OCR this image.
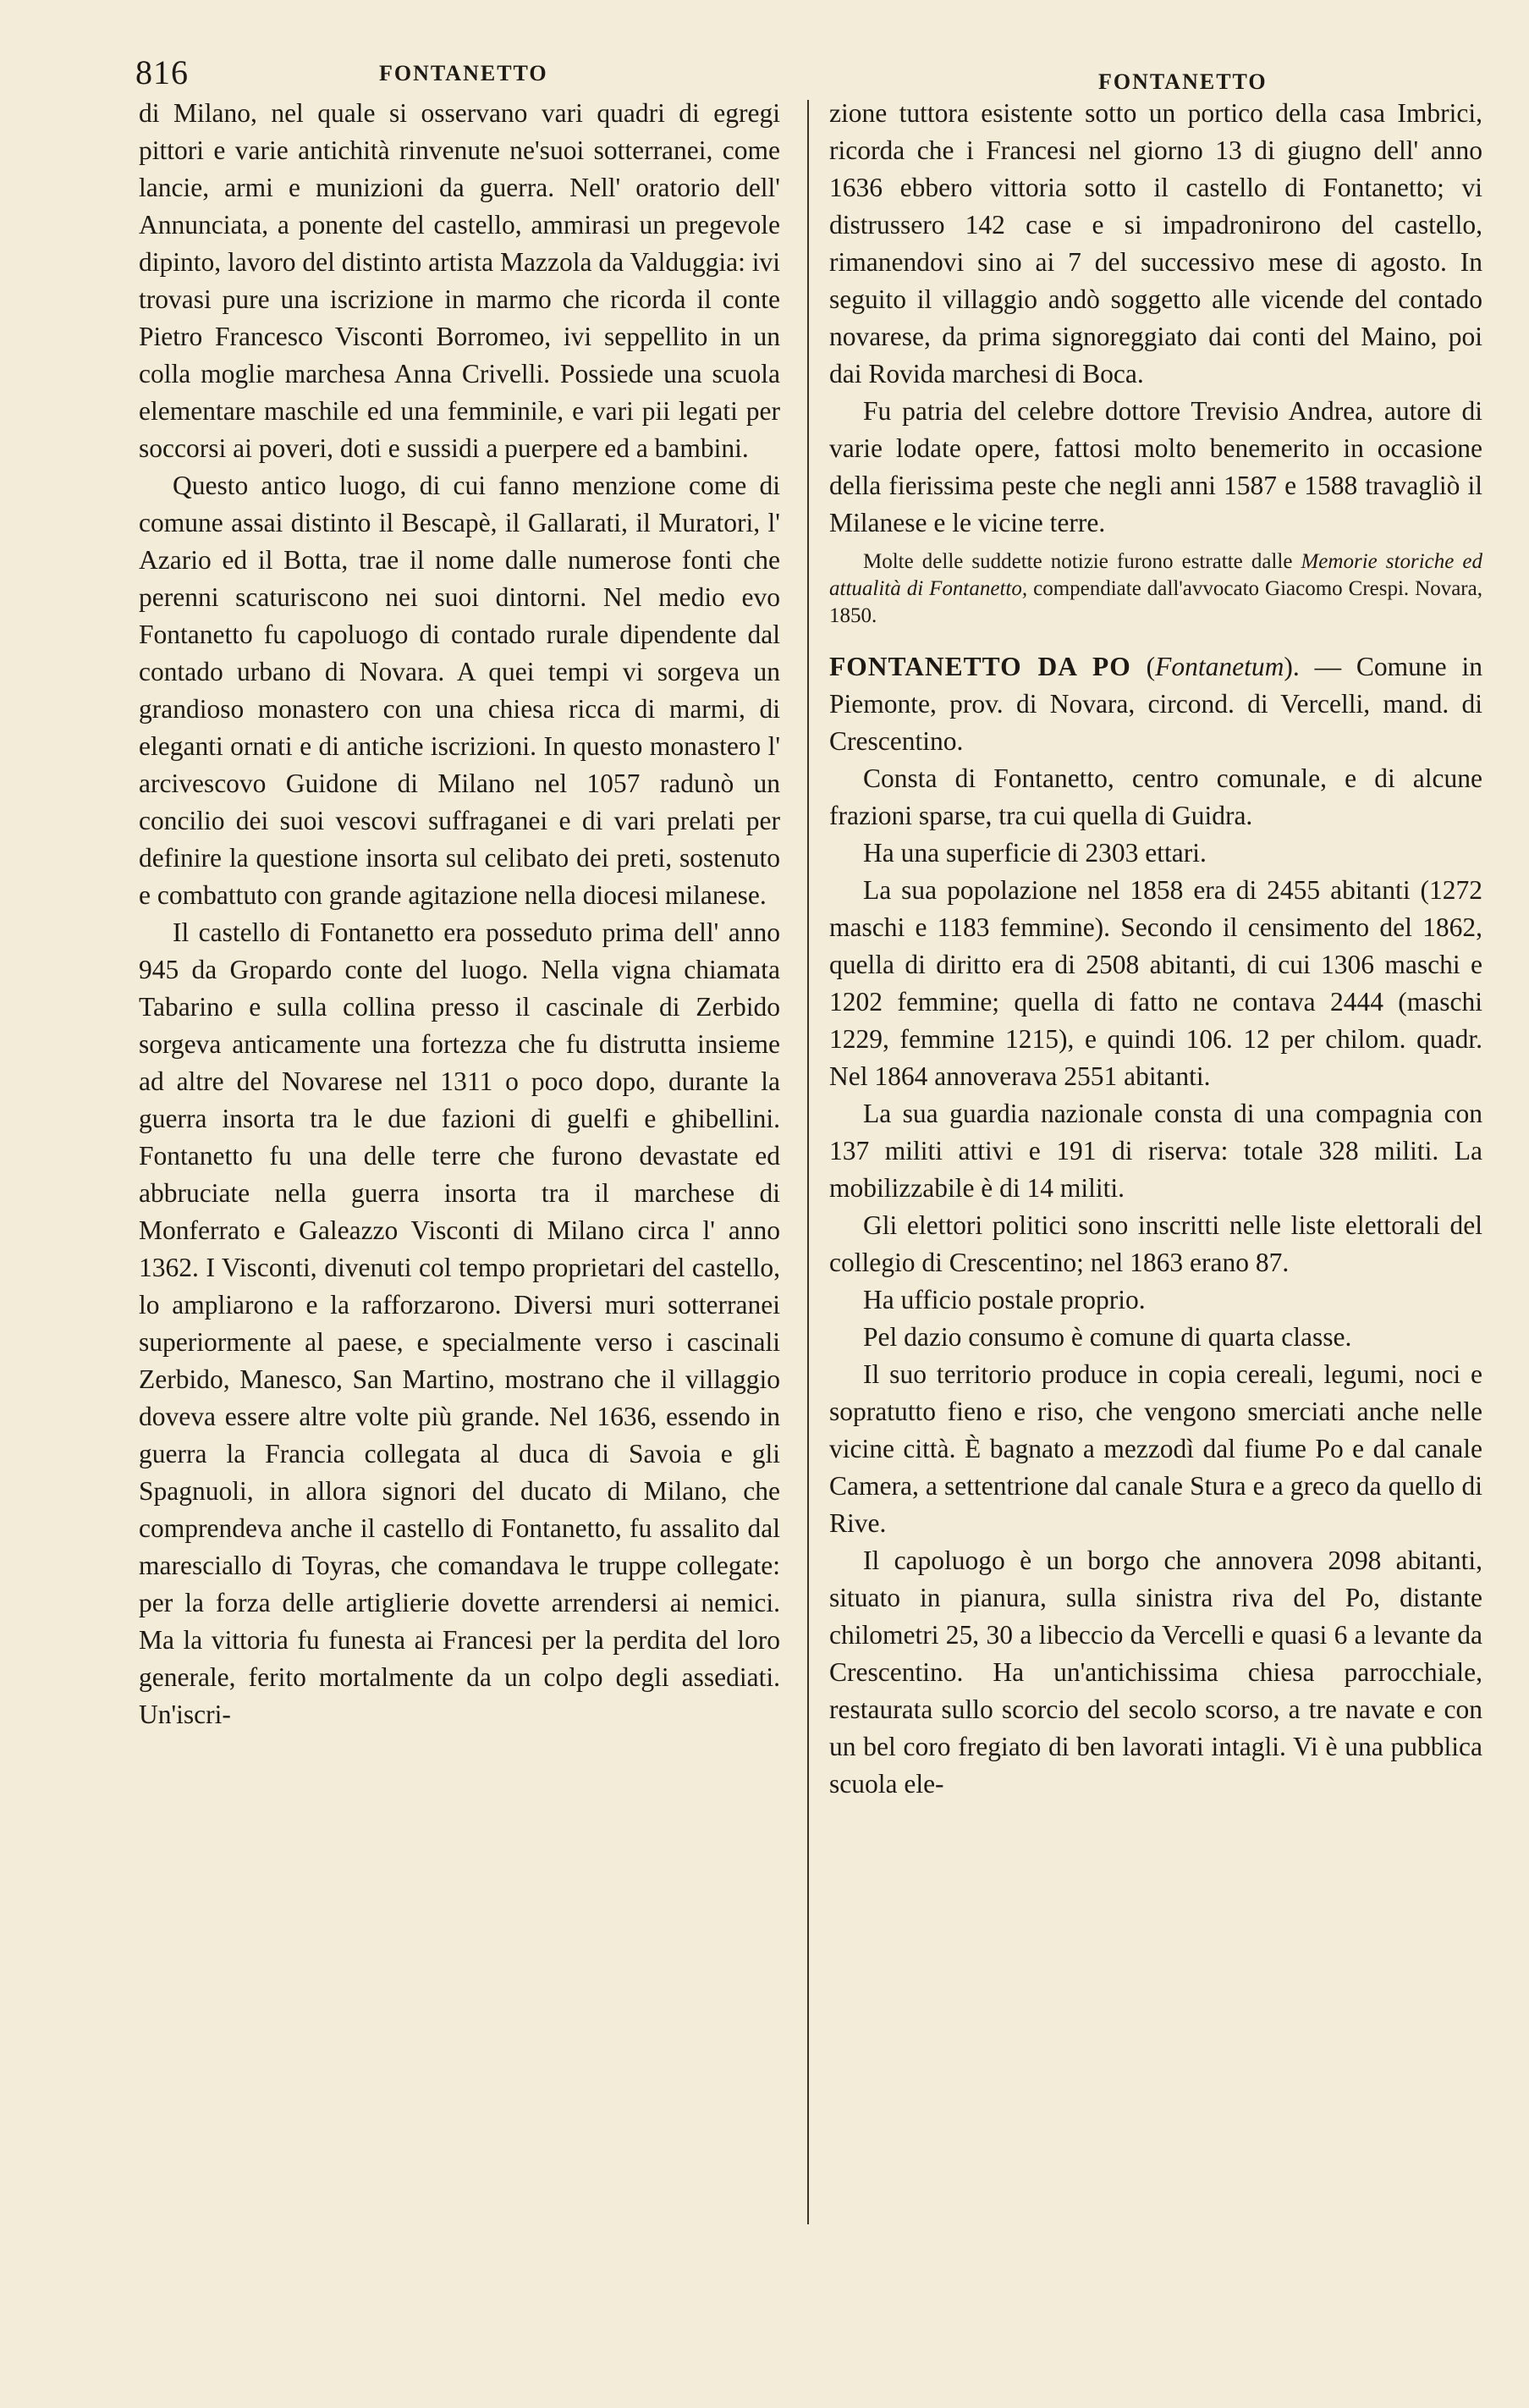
816	FONTANETTO	FONTANETTO

di Milano, nel quale si osservano vari quadri di egregi pittori e varie antichità rinvenute ne'suoi sotterranei, come lancie, armi e munizioni da guerra. Nell' oratorio dell' Annunciata, a ponente del castello, ammirasi un pregevole dipinto, lavoro del distinto artista Mazzola da Valduggia: ivi trovasi pure una iscrizione in marmo che ricorda il conte Pietro Francesco Visconti Borromeo, ivi seppellito in un colla moglie marchesa Anna Crivelli. Possiede una scuola elementare maschile ed una femminile, e vari pii legati per soccorsi ai poveri, doti e sussidi a puerpere ed a bambini.

Questo antico luogo, di cui fanno menzione come di comune assai distinto il Bescapè, il Gallarati, il Muratori, l' Azario ed il Botta, trae il nome dalle numerose fonti che perenni scaturiscono nei suoi dintorni. Nel medio evo Fontanetto fu capoluogo di contado rurale dipendente dal contado urbano di Novara. A quei tempi vi sorgeva un grandioso monastero con una chiesa ricca di marmi, di eleganti ornati e di antiche iscrizioni. In questo monastero l' arcivescovo Guidone di Milano nel 1057 radunò un concilio dei suoi vescovi suffraganei e di vari prelati per definire la questione insorta sul celibato dei preti, sostenuto e combattuto con grande agitazione nella diocesi milanese.

Il castello di Fontanetto era posseduto prima dell' anno 945 da Gropardo conte del luogo. Nella vigna chiamata Tabarino e sulla collina presso il cascinale di Zerbido sorgeva anticamente una fortezza che fu distrutta insieme ad altre del Novarese nel 1311 o poco dopo, durante la guerra insorta tra le due fazioni di guelfi e ghibellini. Fontanetto fu una delle terre che furono devastate ed abbruciate nella guerra insorta tra il marchese di Monferrato e Galeazzo Visconti di Milano circa l' anno 1362. I Visconti, divenuti col tempo proprietari del castello, lo ampliarono e la rafforzarono. Diversi muri sotterranei superiormente al paese, e specialmente verso i cascinali Zerbido, Manesco, San Martino, mostrano che il villaggio doveva essere altre volte più grande. Nel 1636, essendo in guerra la Francia collegata al duca di Savoia e gli Spagnuoli, in allora signori del ducato di Milano, che comprendeva anche il castello di Fontanetto, fu assalito dal maresciallo di Toyras, che comandava le truppe collegate: per la forza delle artiglierie dovette arrendersi ai nemici. Ma la vittoria fu funesta ai Francesi per la perdita del loro generale, ferito mortalmente da un colpo degli assediati. Un'iscri-

zione tuttora esistente sotto un portico della casa Imbrici, ricorda che i Francesi nel giorno 13 di giugno dell' anno 1636 ebbero vittoria sotto il castello di Fontanetto; vi distrussero 142 case e si impadronirono del castello, rimanendovi sino ai 7 del successivo mese di agosto. In seguito il villaggio andò soggetto alle vicende del contado novarese, da prima signoreggiato dai conti del Maino, poi dai Rovida marchesi di Boca.

Fu patria del celebre dottore Trevisio Andrea, autore di varie lodate opere, fattosi molto benemerito in occasione della fierissima peste che negli anni 1587 e 1588 travagliò il Milanese e le vicine terre.

Molte delle suddette notizie furono estratte dalle Memorie storiche ed attualità di Fontanetto, compendiate dall'avvocato Giacomo Crespi. Novara, 1850.

FONTANETTO DA PO (Fontanetum). — Comune in Piemonte, prov. di Novara, circond. di Vercelli, mand. di Crescentino.

Consta di Fontanetto, centro comunale, e di alcune frazioni sparse, tra cui quella di Guidra.

Ha una superficie di 2303 ettari.

La sua popolazione nel 1858 era di 2455 abitanti (1272 maschi e 1183 femmine). Secondo il censimento del 1862, quella di diritto era di 2508 abitanti, di cui 1306 maschi e 1202 femmine; quella di fatto ne contava 2444 (maschi 1229, femmine 1215), e quindi 106. 12 per chilom. quadr. Nel 1864 annoverava 2551 abitanti.

La sua guardia nazionale consta di una compagnia con 137 militi attivi e 191 di riserva: totale 328 militi. La mobilizzabile è di 14 militi.

Gli elettori politici sono inscritti nelle liste elettorali del collegio di Crescentino; nel 1863 erano 87.

Ha ufficio postale proprio.

Pel dazio consumo è comune di quarta classe.

Il suo territorio produce in copia cereali, legumi, noci e sopratutto fieno e riso, che vengono smerciati anche nelle vicine città. È bagnato a mezzodì dal fiume Po e dal canale Camera, a settentrione dal canale Stura e a greco da quello di Rive.

Il capoluogo è un borgo che annovera 2098 abitanti, situato in pianura, sulla sinistra riva del Po, distante chilometri 25, 30 a libeccio da Vercelli e quasi 6 a levante da Crescentino. Ha un'antichissima chiesa parrocchiale, restaurata sullo scorcio del secolo scorso, a tre navate e con un bel coro fregiato di ben lavorati intagli. Vi è una pubblica scuola ele-
